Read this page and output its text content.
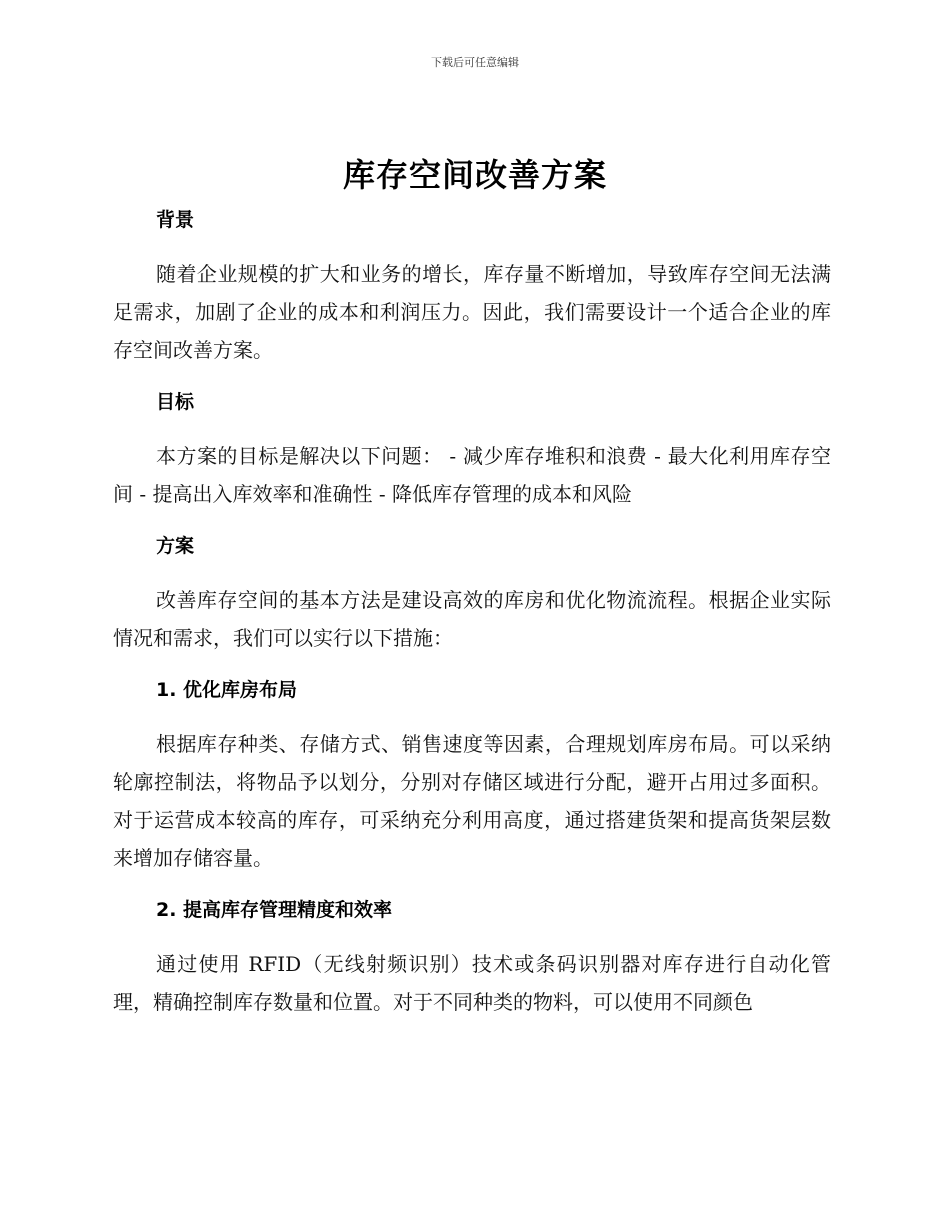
下载后可任意编辑
库存空间改善方案
背景

随着企业规模的扩大和业务的增长，库存量不断增加，导致库存空间无法满足需求，加剧了企业的成本和利润压力。因此，我们需要设计一个适合企业的库存空间改善方案。

目标

本方案的目标是解决以下问题： - 减少库存堆积和浪费 - 最大化利用库存空间 - 提高出入库效率和准确性 - 降低库存管理的成本和风险

方案

改善库存空间的基本方法是建设高效的库房和优化物流流程。根据企业实际情况和需求，我们可以实行以下措施：

1. 优化库房布局

根据库存种类、存储方式、销售速度等因素，合理规划库房布局。可以采纳轮廓控制法，将物品予以划分，分别对存储区域进行分配，避开占用过多面积。对于运营成本较高的库存，可采纳充分利用高度，通过搭建货架和提高货架层数来增加存储容量。

2. 提高库存管理精度和效率

通过使用 RFID（无线射频识别）技术或条码识别器对库存进行自动化管理，精确控制库存数量和位置。对于不同种类的物料，可以使用不同颜色
